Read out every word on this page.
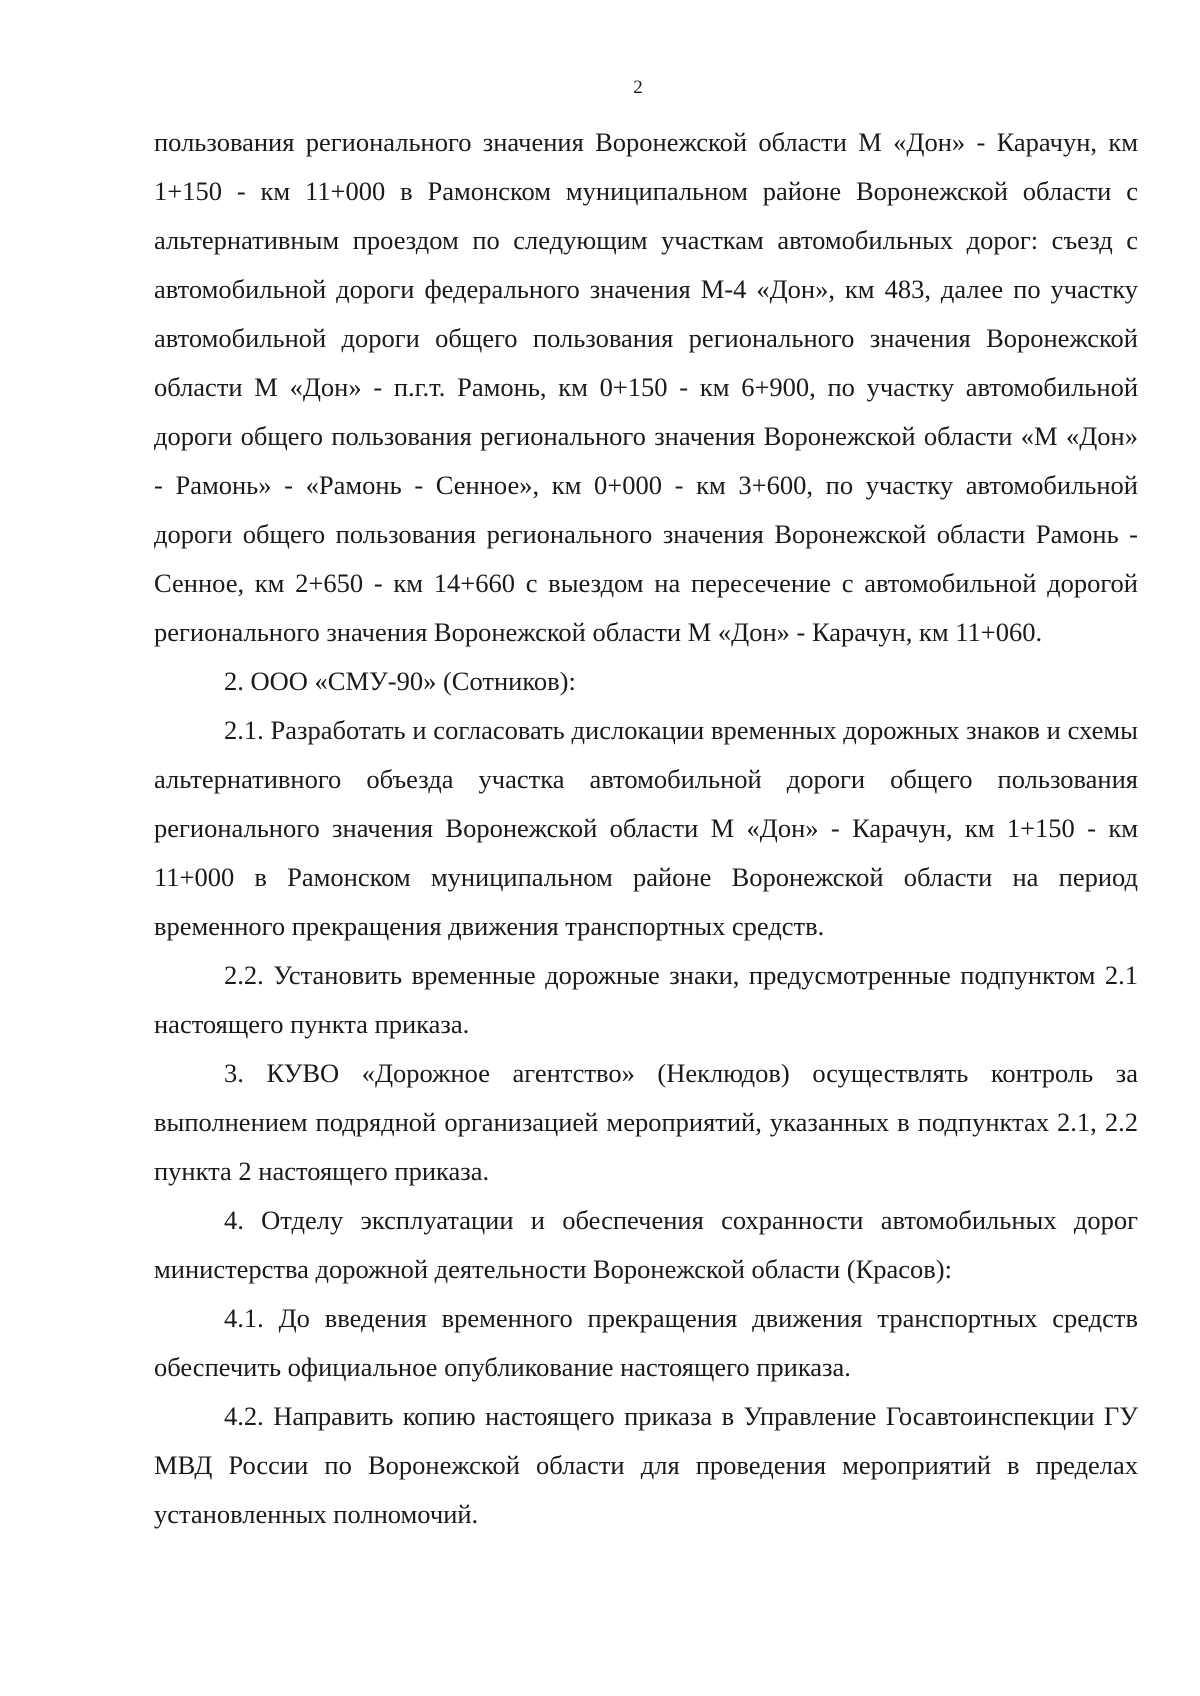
2

пользования регионального значения Воронежской области М «Дон» - Карачун, км 1+150 - км 11+000 в Рамонском муниципальном районе Воронежской области с альтернативным проездом по следующим участкам автомобильных дорог: съезд с автомобильной дороги федерального значения М-4 «Дон», км 483, далее по участку автомобильной дороги общего пользования регионального значения Воронежской области М «Дон» - п.г.т. Рамонь, км 0+150 - км 6+900, по участку автомобильной дороги общего пользования регионального значения Воронежской области «М «Дон» - Рамонь» - «Рамонь - Сенное», км 0+000 - км 3+600, по участку автомобильной дороги общего пользования регионального значения Воронежской области Рамонь - Сенное, км 2+650 - км 14+660 с выездом на пересечение с автомобильной дорогой регионального значения Воронежской области М «Дон» - Карачун, км 11+060.

2. ООО «СМУ-90» (Сотников):

2.1. Разработать и согласовать дислокации временных дорожных знаков и схемы альтернативного объезда участка автомобильной дороги общего пользования регионального значения Воронежской области М «Дон» - Карачун, км 1+150 - км 11+000 в Рамонском муниципальном районе Воронежской области на период временного прекращения движения транспортных средств.

2.2. Установить временные дорожные знаки, предусмотренные подпунктом 2.1 настоящего пункта приказа.

3. КУВО «Дорожное агентство» (Неклюдов) осуществлять контроль за выполнением подрядной организацией мероприятий, указанных в подпунктах 2.1, 2.2 пункта 2 настоящего приказа.

4. Отделу эксплуатации и обеспечения сохранности автомобильных дорог министерства дорожной деятельности Воронежской области (Красов):

4.1. До введения временного прекращения движения транспортных средств обеспечить официальное опубликование настоящего приказа.

4.2. Направить копию настоящего приказа в Управление Госавтоинспекции ГУ МВД России по Воронежской области для проведения мероприятий в пределах установленных полномочий.
